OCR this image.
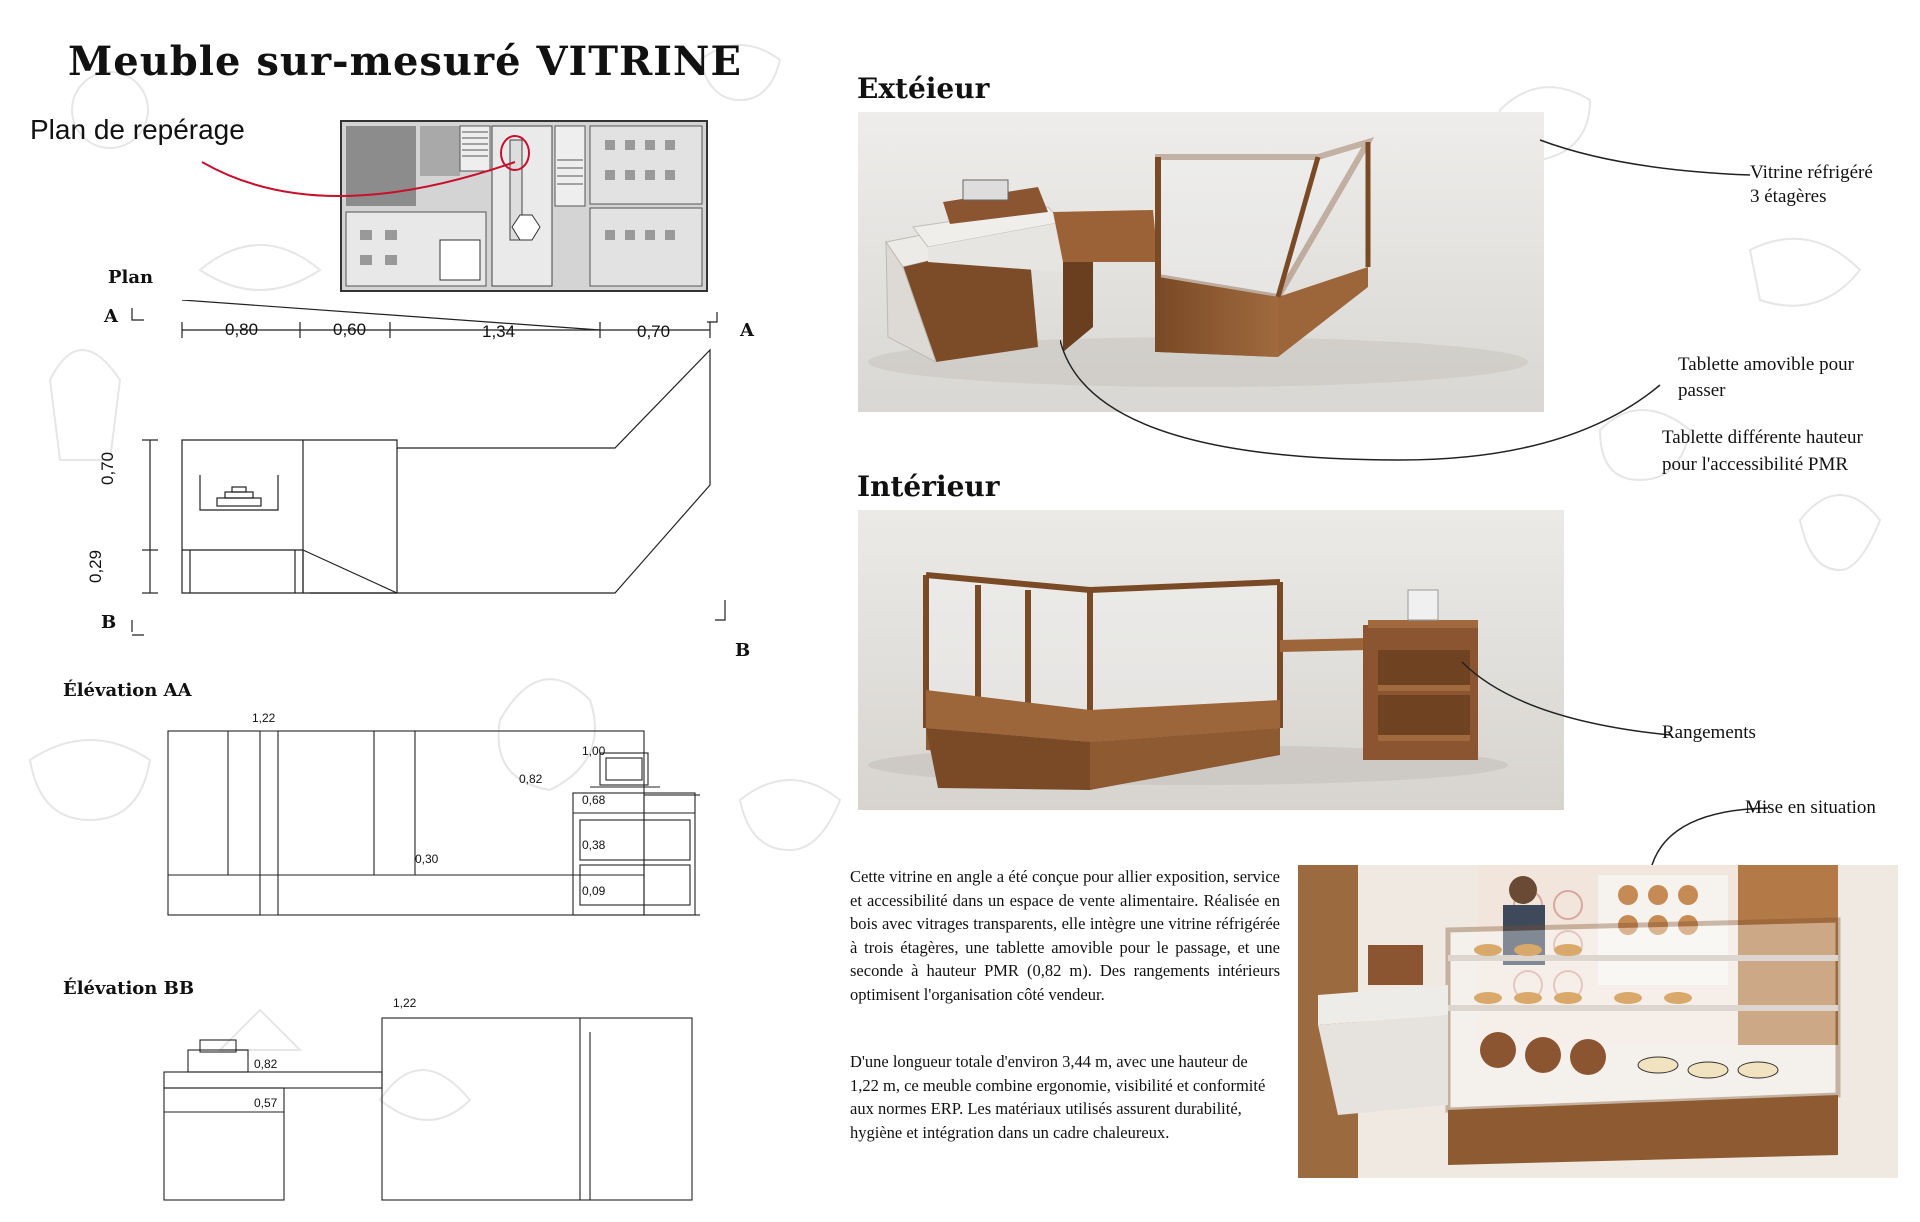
Meuble sur-mesuré VITRINE
Plan de repérage
Plan
A
A
B
B
0,80	0,60	1,34	0,70
0,70
0,29
Élévation AA
1,22
1,00
0,82
0,68
0,38
0,30
0,09
Élévation BB
1,22
0,82
0,57
Extéieur
Vitrine réfrigéré
3 étagères
Tablette amovible pour
passer
Tablette différente hauteur
pour l'accessibilité PMR
Intérieur
Rangements
Mise en situation
Cette vitrine en angle a été conçue pour allier exposition, service et accessibilité dans un espace de vente alimentaire. Réalisée en bois avec vitrages transparents, elle intègre une vitrine réfrigérée à trois étagères, une tablette amovible pour le passage, et une seconde à hauteur PMR (0,82 m). Des rangements intérieurs optimisent l'organisation côté vendeur.
D'une longueur totale d'environ 3,44 m, avec une hauteur de 1,22 m, ce meuble combine ergonomie, visibilité et conformité aux normes ERP. Les matériaux utilisés assurent durabilité, hygiène et intégration dans un cadre chaleureux.
